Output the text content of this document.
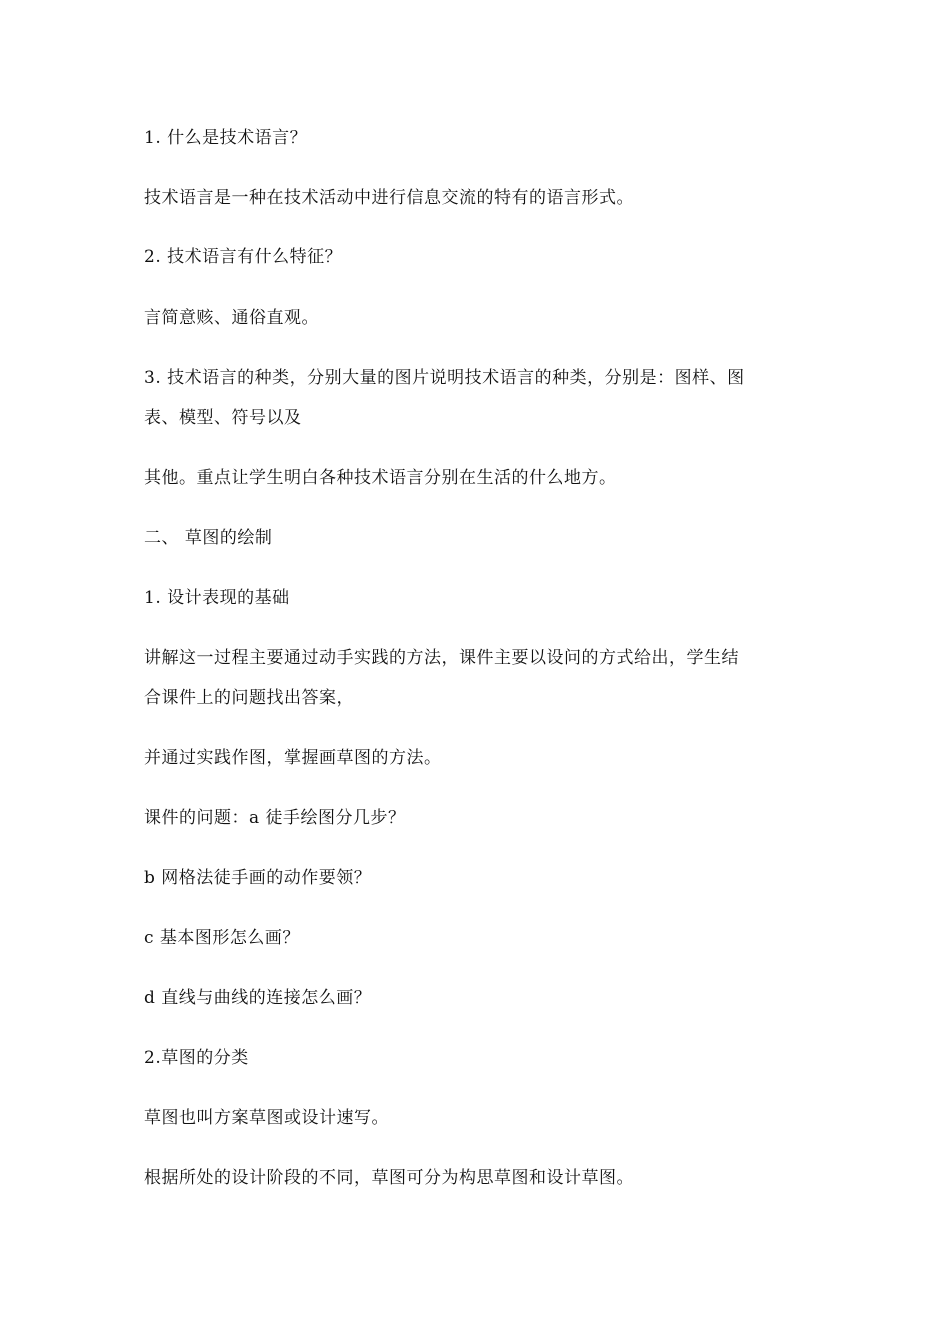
1. 什么是技术语言？
技术语言是一种在技术活动中进行信息交流的特有的语言形式。
2. 技术语言有什么特征？
言简意赅、通俗直观。
3. 技术语言的种类，分别大量的图片说明技术语言的种类，分别是：图样、图
表、模型、符号以及
其他。重点让学生明白各种技术语言分别在生活的什么地方。
二、 草图的绘制
1. 设计表现的基础
讲解这一过程主要通过动手实践的方法，课件主要以设问的方式给出，学生结
合课件上的问题找出答案，
并通过实践作图，掌握画草图的方法。
课件的问题：a 徒手绘图分几步？
b 网格法徒手画的动作要领？
c 基本图形怎么画？
d 直线与曲线的连接怎么画？
2.草图的分类
草图也叫方案草图或设计速写。
根据所处的设计阶段的不同，草图可分为构思草图和设计草图。
